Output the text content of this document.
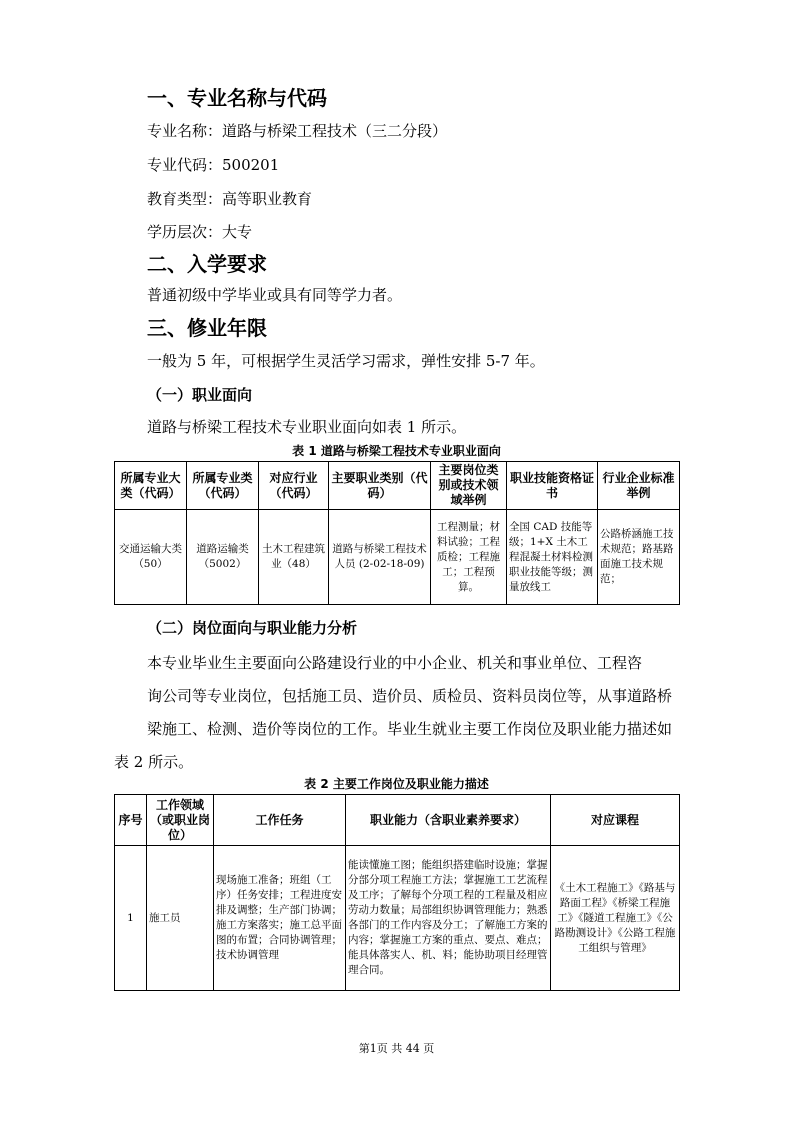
一、专业名称与代码
专业名称：道路与桥梁工程技术（三二分段）
专业代码：500201
教育类型：高等职业教育
学历层次：大专
二、入学要求
普通初级中学毕业或具有同等学力者。
三、修业年限
一般为 5 年，可根据学生灵活学习需求，弹性安排 5-7 年。
（一）职业面向
道路与桥梁工程技术专业职业面向如表 1 所示。
表 1 道路与桥梁工程技术专业职业面向
所属专业大类（代码）	所属专业类（代码）	对应行业（代码）	主要职业类别（代码）	主要岗位类别或技术领域举例	职业技能资格证书	行业企业标准举例
交通运输大类（50）	道路运输类（5002）	土木工程建筑业（48）	道路与桥梁工程技术人员 (2-02-18-09)	工程测量；材料试验；工程质检；工程施工；工程预算。	全国 CAD 技能等级；1+X 土木工程混凝土材料检测职业技能等级；测量放线工	公路桥涵施工技术规范；路基路面施工技术规范；
（二）岗位面向与职业能力分析
本专业毕业生主要面向公路建设行业的中小企业、机关和事业单位、工程咨
询公司等专业岗位，包括施工员、造价员、质检员、资料员岗位等，从事道路桥
梁施工、检测、造价等岗位的工作。毕业生就业主要工作岗位及职业能力描述如
表 2 所示。
表 2 主要工作岗位及职业能力描述
序号	工作领域（或职业岗位）	工作任务	职业能力（含职业素养要求）	对应课程
1	施工员	现场施工准备；班组（工序）任务安排；工程进度安排及调整；生产部门协调；施工方案落实；施工总平面图的布置；合同协调管理；技术协调管理	能读懂施工图；能组织搭建临时设施；掌握分部分项工程施工方法；掌握施工工艺流程及工序；了解每个分项工程的工程量及相应劳动力数量；局部组织协调管理能力；熟悉各部门的工作内容及分工；了解施工方案的内容；掌握施工方案的重点、要点、难点；能具体落实人、机、料；能协助项目经理管理合同。	《土木工程施工》《路基与路面工程》《桥梁工程施工》《隧道工程施工》《公路勘测设计》《公路工程施工组织与管理》
第1页 共 44 页
